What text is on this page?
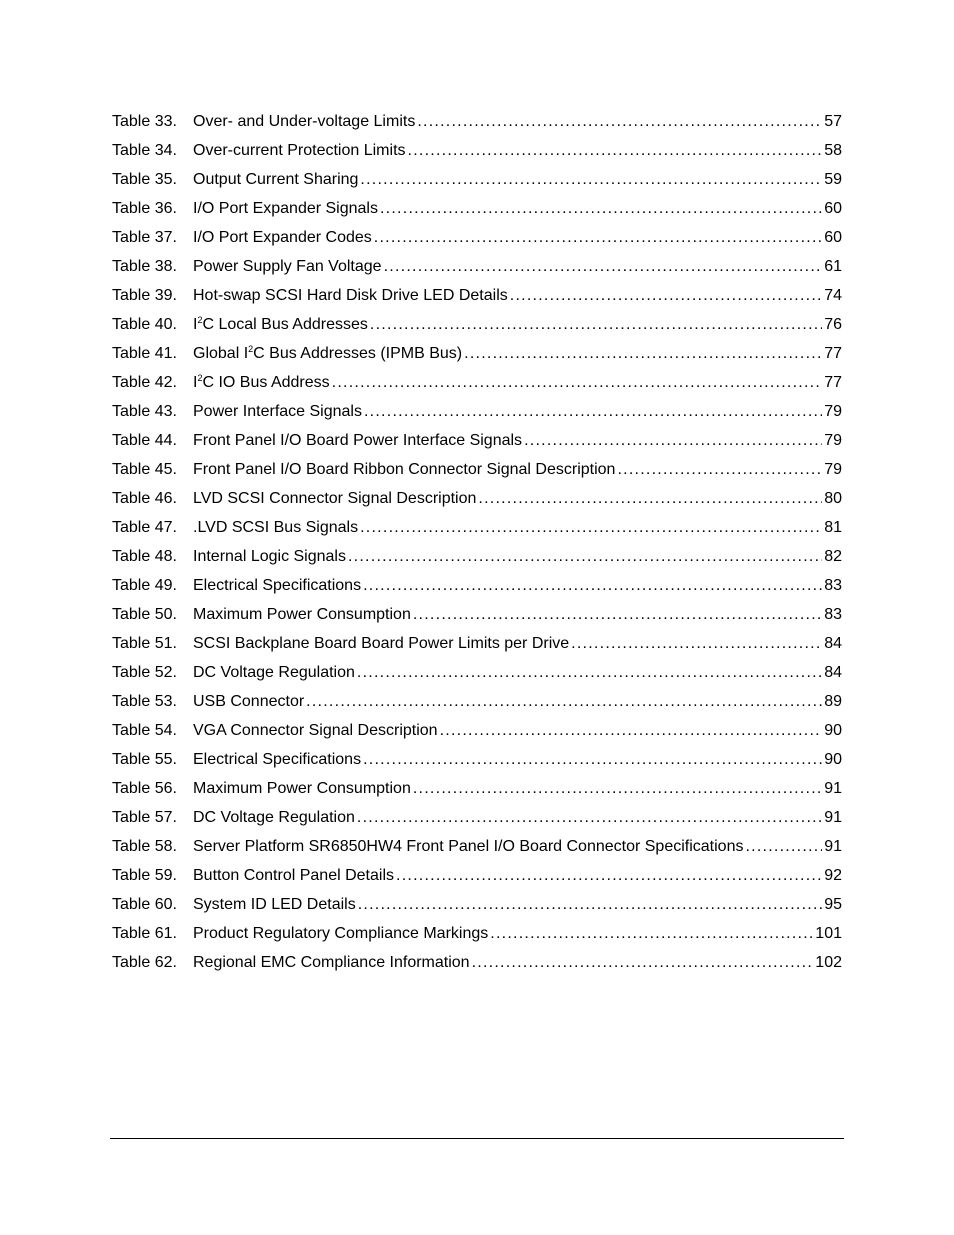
Table 33.	Over- and Under-voltage Limits . . .	57
Table 34.	Over-current Protection Limits . . .	58
Table 35.	Output Current Sharing . . .	59
Table 36.	I/O Port Expander Signals . . .	60
Table 37.	I/O Port Expander Codes . . .	60
Table 38.	Power Supply Fan Voltage . . .	61
Table 39.	Hot-swap SCSI Hard Disk Drive LED Details . . .	74
Table 40.	$I^2C$ Local Bus Addresses . . .	76
Table 41.	Global $I^2C$ Bus Addresses (IPMB Bus) . . .	77
Table 42.	$I^2C$ IO Bus Address . . .	77
Table 43.	Power Interface Signals . . .	79
Table 44.	Front Panel I/O Board Power Interface Signals . . .	79
Table 45.	Front Panel I/O Board Ribbon Connector Signal Description . . .	79
Table 46.	LVD SCSI Connector Signal Description . . .	80
Table 47.	.LVD SCSI Bus Signals . . .	81
Table 48.	Internal Logic Signals . . .	82
Table 49.	Electrical Specifications . . .	83
Table 50.	Maximum Power Consumption . . .	83
Table 51.	SCSI Backplane Board Board Power Limits per Drive . . .	84
Table 52.	DC Voltage Regulation . . .	84
Table 53.	USB Connector . . .	89
Table 54.	VGA Connector Signal Description . . .	90
Table 55.	Electrical Specifications . . .	90
Table 56.	Maximum Power Consumption . . .	91
Table 57.	DC Voltage Regulation . . .	91
Table 58.	Server Platform SR6850HW4 Front Panel I/O Board Connector Specifications . . .	91
Table 59.	Button Control Panel Details . . .	92
Table 60.	System ID LED Details . . .	95
Table 61.	Product Regulatory Compliance Markings . . .	101
Table 62.	Regional EMC Compliance Information . . .	102
